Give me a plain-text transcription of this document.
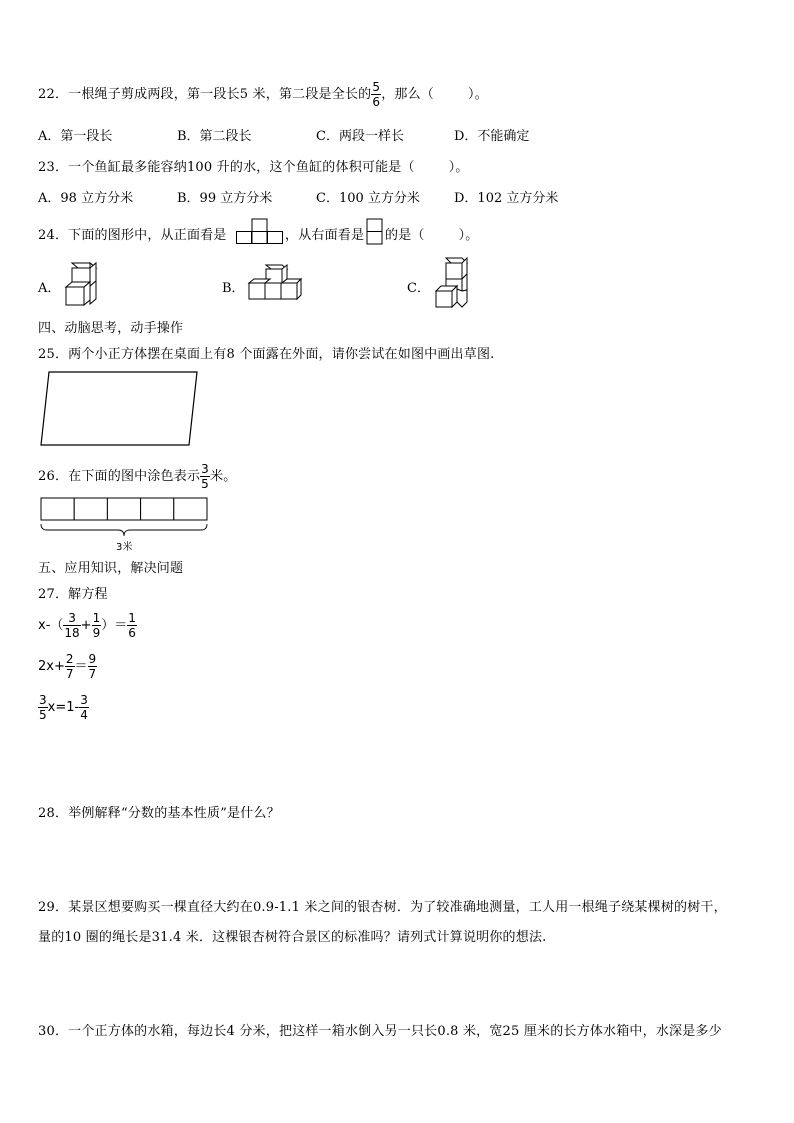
22．一根绳子剪成两段，第一段长5 米，第二段是全长的 $\frac{5}{6}$ ，那么（	）。
A．第一段长	B．第二段长	C．两段一样长	D．不能确定
23．一个鱼缸最多能容纳100 升的水，这个鱼缸的体积可能是（	）。
A．98 立方分米	B．99 立方分米	C．100 立方分米	D．102 立方分米
24．下面的图形中，从正面看是	，从右面看是 的是（	）。
A．	B．	C．
四、动脑思考，动手操作
25．两个小正方体摆在桌面上有8 个面露在外面，请你尝试在如图中画出草图.
26．在下面的图中涂色表示 $\frac{3}{5}$ 米。
3米
五、应用知识，解决问题
27．解方程
$x-( \frac{3}{18} + \frac{1}{9}$ ）＝ $\frac{1}{6}$
$2x+ \frac{2}{7} = \frac{9}{7}$
$\frac{3}{5} x=1- \frac{3}{4}$
28．举例解释“分数的基本性质”是什么？
29．某景区想要购买一棵直径大约在0.9-1.1 米之间的银杏树．为了较准确地测量，工人用一根绳子绕某棵树的树干，
量的10 圈的绳长是31.4 米．这棵银杏树符合景区的标准吗？请列式计算说明你的想法.
30．一个正方体的水箱，每边长4 分米，把这样一箱水倒入另一只长0.8 米，宽25 厘米的长方体水箱中，水深是多少
